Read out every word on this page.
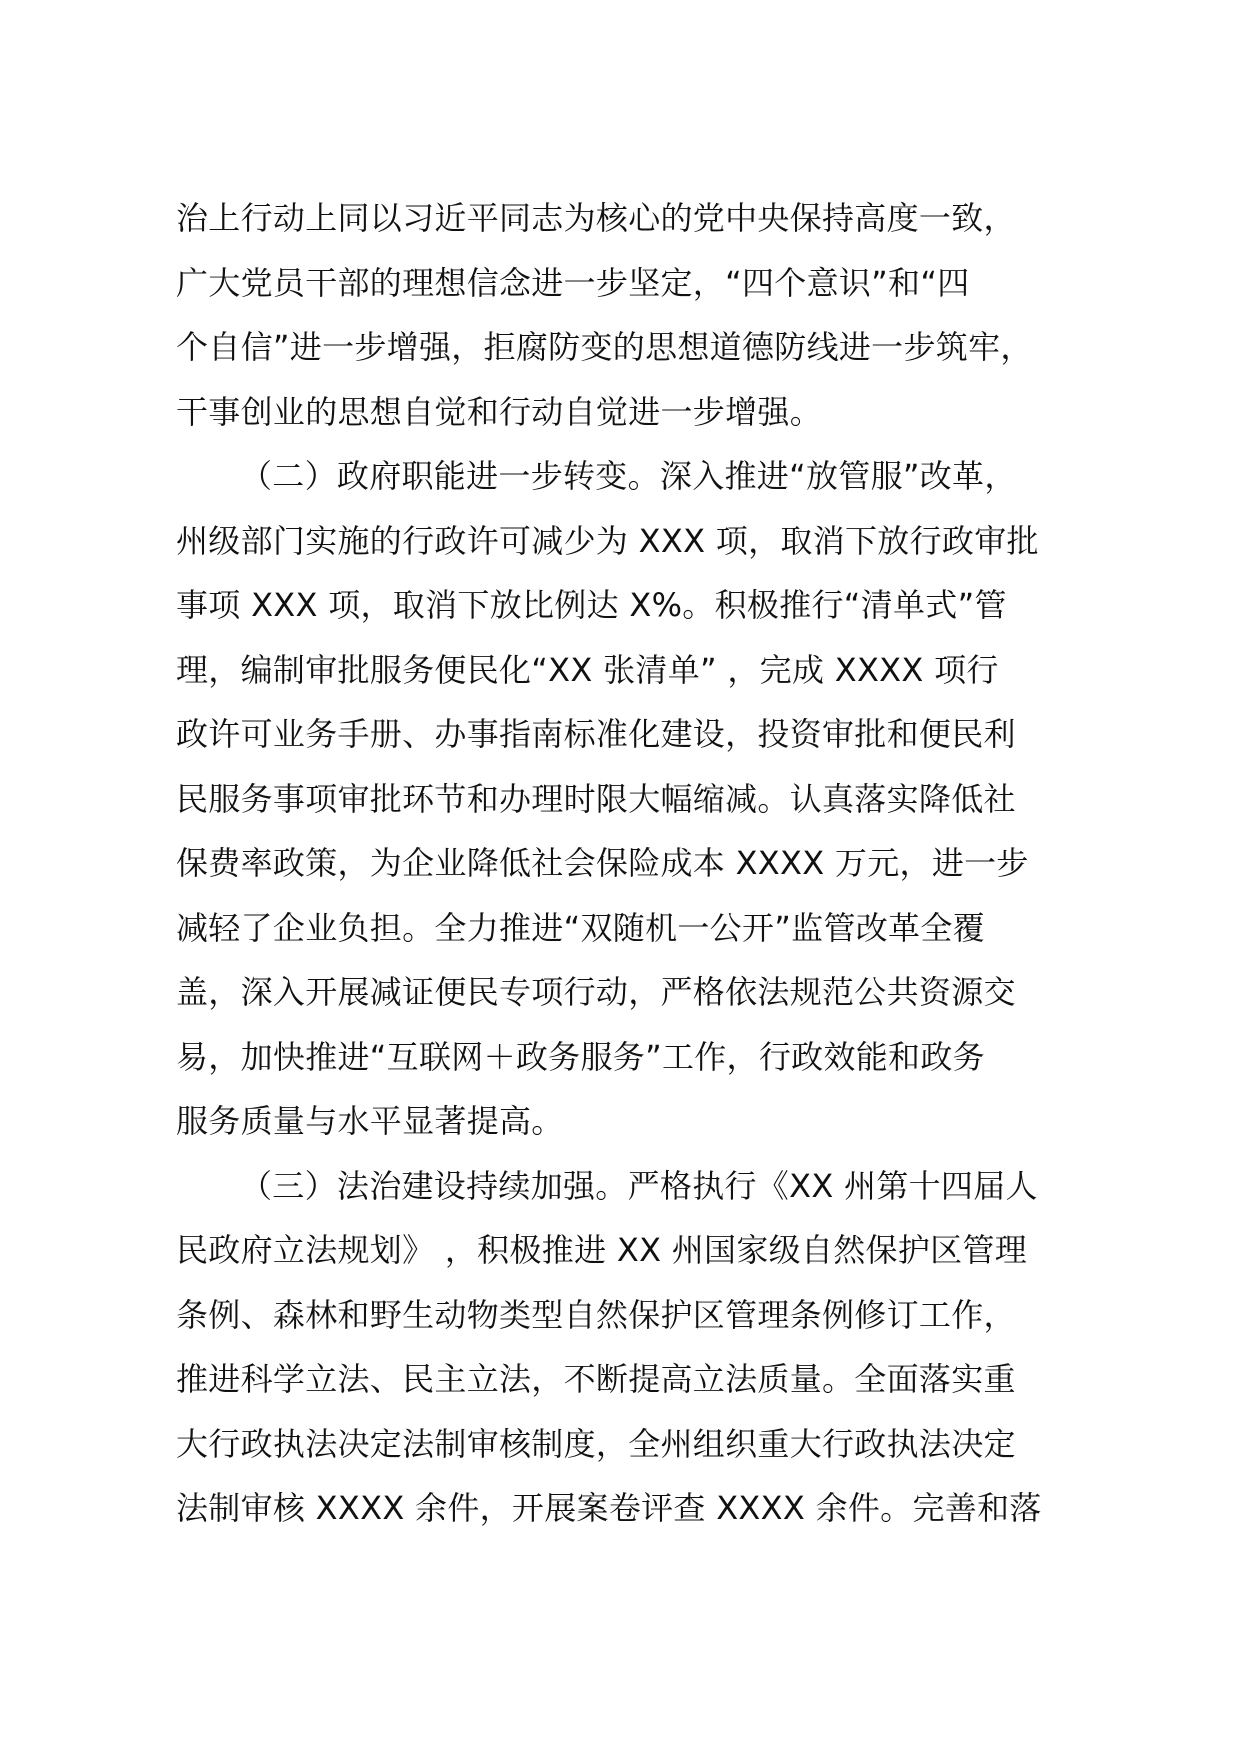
治上行动上同以习近平同志为核心的党中央保持高度一致，
广大党员干部的理想信念进一步坚定，“四个意识”和“四
个自信”进一步增强，拒腐防变的思想道德防线进一步筑牢，
干事创业的思想自觉和行动自觉进一步增强。
（二）政府职能进一步转变。深入推进“放管服”改革，
州级部门实施的行政许可减少为 XXX 项，取消下放行政审批
事项 XXX 项，取消下放比例达 X%。积极推行“清单式”管
理，编制审批服务便民化“XX 张清单” ，完成 XXXX 项行
政许可业务手册、办事指南标准化建设，投资审批和便民利
民服务事项审批环节和办理时限大幅缩减。认真落实降低社
保费率政策，为企业降低社会保险成本 XXXX 万元，进一步
减轻了企业负担。全力推进“双随机一公开”监管改革全覆
盖，深入开展减证便民专项行动，严格依法规范公共资源交
易，加快推进“互联网＋政务服务”工作，行政效能和政务
服务质量与水平显著提高。
（三）法治建设持续加强。严格执行《XX 州第十四届人
民政府立法规划》 ，积极推进 XX 州国家级自然保护区管理
条例、森林和野生动物类型自然保护区管理条例修订工作，
推进科学立法、民主立法，不断提高立法质量。全面落实重
大行政执法决定法制审核制度，全州组织重大行政执法决定
法制审核 XXXX 余件，开展案卷评查 XXXX 余件。完善和落
